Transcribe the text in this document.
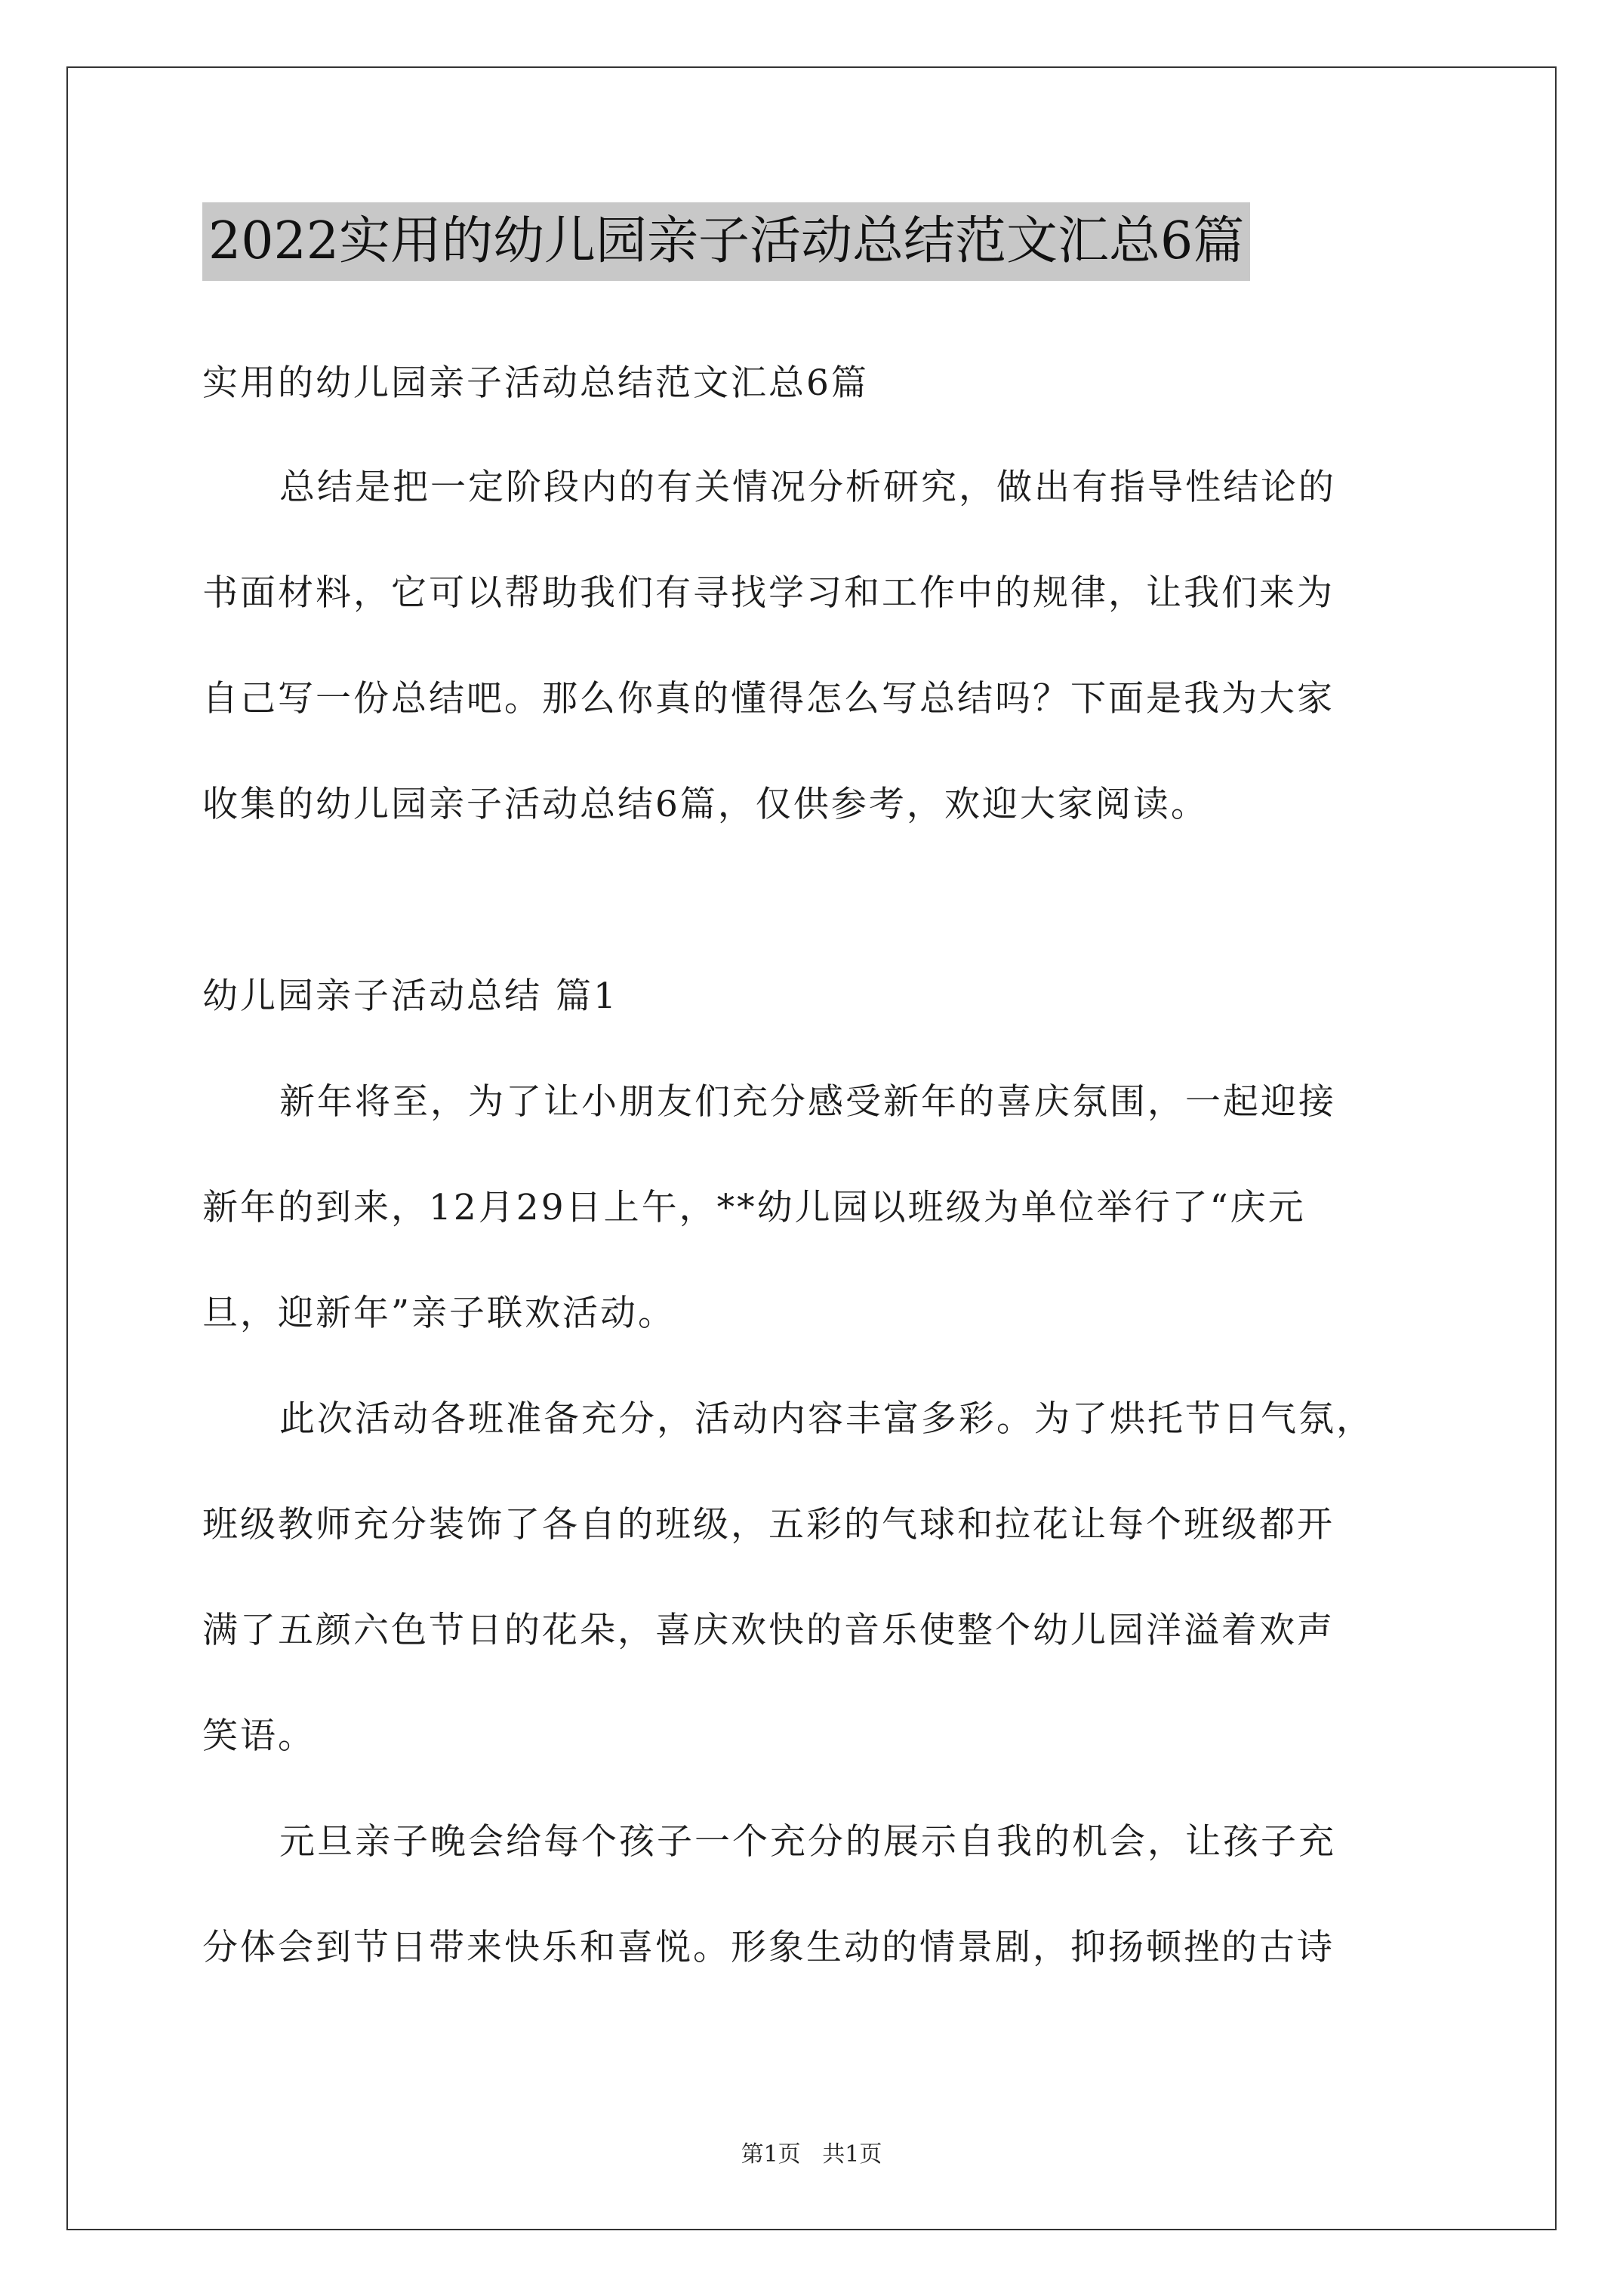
2022实用的幼儿园亲子活动总结范文汇总6篇
实用的幼儿园亲子活动总结范文汇总6篇
总结是把一定阶段内的有关情况分析研究，做出有指导性结论的
书面材料，它可以帮助我们有寻找学习和工作中的规律，让我们来为
自己写一份总结吧。那么你真的懂得怎么写总结吗？下面是我为大家
收集的幼儿园亲子活动总结6篇，仅供参考，欢迎大家阅读。
幼儿园亲子活动总结 篇1
新年将至，为了让小朋友们充分感受新年的喜庆氛围，一起迎接
新年的到来，12月29日上午，**幼儿园以班级为单位举行了“庆元
旦，迎新年”亲子联欢活动。
此次活动各班准备充分，活动内容丰富多彩。为了烘托节日气氛，
班级教师充分装饰了各自的班级，五彩的气球和拉花让每个班级都开
满了五颜六色节日的花朵，喜庆欢快的音乐使整个幼儿园洋溢着欢声
笑语。
元旦亲子晚会给每个孩子一个充分的展示自我的机会，让孩子充
分体会到节日带来快乐和喜悦。形象生动的情景剧，抑扬顿挫的古诗
第1页   共1页
